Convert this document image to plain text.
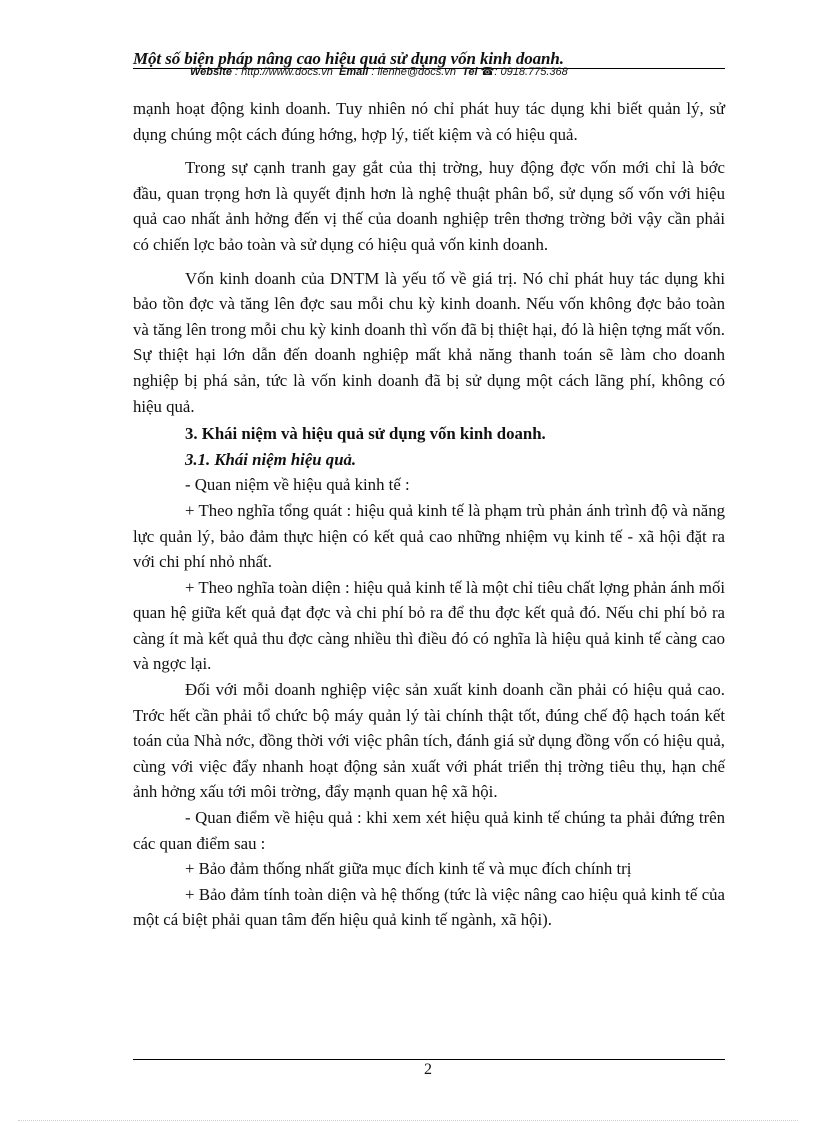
Một số biện pháp nâng cao hiệu quả sử dụng vốn kinh doanh.
Website : http://www.docs.vn Email : lienhe@docs.vn Tel ☎: 0918.775.368

mạnh hoạt động kinh doanh. Tuy nhiên nó chỉ phát huy tác dụng khi biết quản lý, sử dụng chúng một cách đúng hớng, hợp lý, tiết kiệm và có hiệu quả.

Trong sự cạnh tranh gay gắt của thị trờng, huy động đợc vốn mới chỉ là bớc đầu, quan trọng hơn là quyết định hơn là nghệ thuật phân bổ, sử dụng số vốn với hiệu quả cao nhất ảnh hởng đến vị thế của doanh nghiệp trên thơng trờng bởi vậy cần phải có chiến lợc bảo toàn và sử dụng có hiệu quả vốn kinh doanh.

Vốn kinh doanh của DNTM là yếu tố về giá trị. Nó chỉ phát huy tác dụng khi bảo tồn đợc và tăng lên đợc sau mỗi chu kỳ kinh doanh. Nếu vốn không đợc bảo toàn và tăng lên trong mỗi chu kỳ kinh doanh thì vốn đã bị thiệt hại, đó là hiện tợng mất vốn. Sự thiệt hại lớn dẫn đến doanh nghiệp mất khả năng thanh toán sẽ làm cho doanh nghiệp bị phá sản, tức là vốn kinh doanh đã bị sử dụng một cách lãng phí, không có hiệu quả.

3. Khái niệm và hiệu quả sử dụng vốn kinh doanh.

3.1. Khái niệm hiệu quả.

- Quan niệm về hiệu quả kinh tế :

+ Theo nghĩa tổng quát : hiệu quả kinh tế là phạm trù phản ánh trình độ và năng lực quản lý, bảo đảm thực hiện có kết quả cao những nhiệm vụ kinh tế - xã hội đặt ra với chi phí nhỏ nhất.

+ Theo nghĩa toàn diện : hiệu quả kinh tế là một chỉ tiêu chất lợng phản ánh mối quan hệ giữa kết quả đạt đợc và chi phí bỏ ra để thu đợc kết quả đó. Nếu chi phí bỏ ra càng ít mà kết quả thu đợc càng nhiều thì điều đó có nghĩa là hiệu quả kinh tế càng cao và ngợc lại.

Đối với mỗi doanh nghiệp việc sản xuất kinh doanh cần phải có hiệu quả cao. Trớc hết cần phải tổ chức bộ máy quản lý tài chính thật tốt, đúng chế độ hạch toán kết toán của Nhà nớc, đồng thời với việc phân tích, đánh giá sử dụng đồng vốn có hiệu quả, cùng với việc đẩy nhanh hoạt động sản xuất với phát triển thị trờng tiêu thụ, hạn chế ảnh hởng xấu tới môi trờng, đẩy mạnh quan hệ xã hội.

- Quan điểm về hiệu quả : khi xem xét hiệu quả kinh tế chúng ta phải đứng trên các quan điểm sau :

+ Bảo đảm thống nhất giữa mục đích kinh tế và mục đích chính trị

+ Bảo đảm tính toàn diện và hệ thống (tức là việc nâng cao hiệu quả kinh tế của một cá biệt phải quan tâm đến hiệu quả kinh tế ngành, xã hội).

2
